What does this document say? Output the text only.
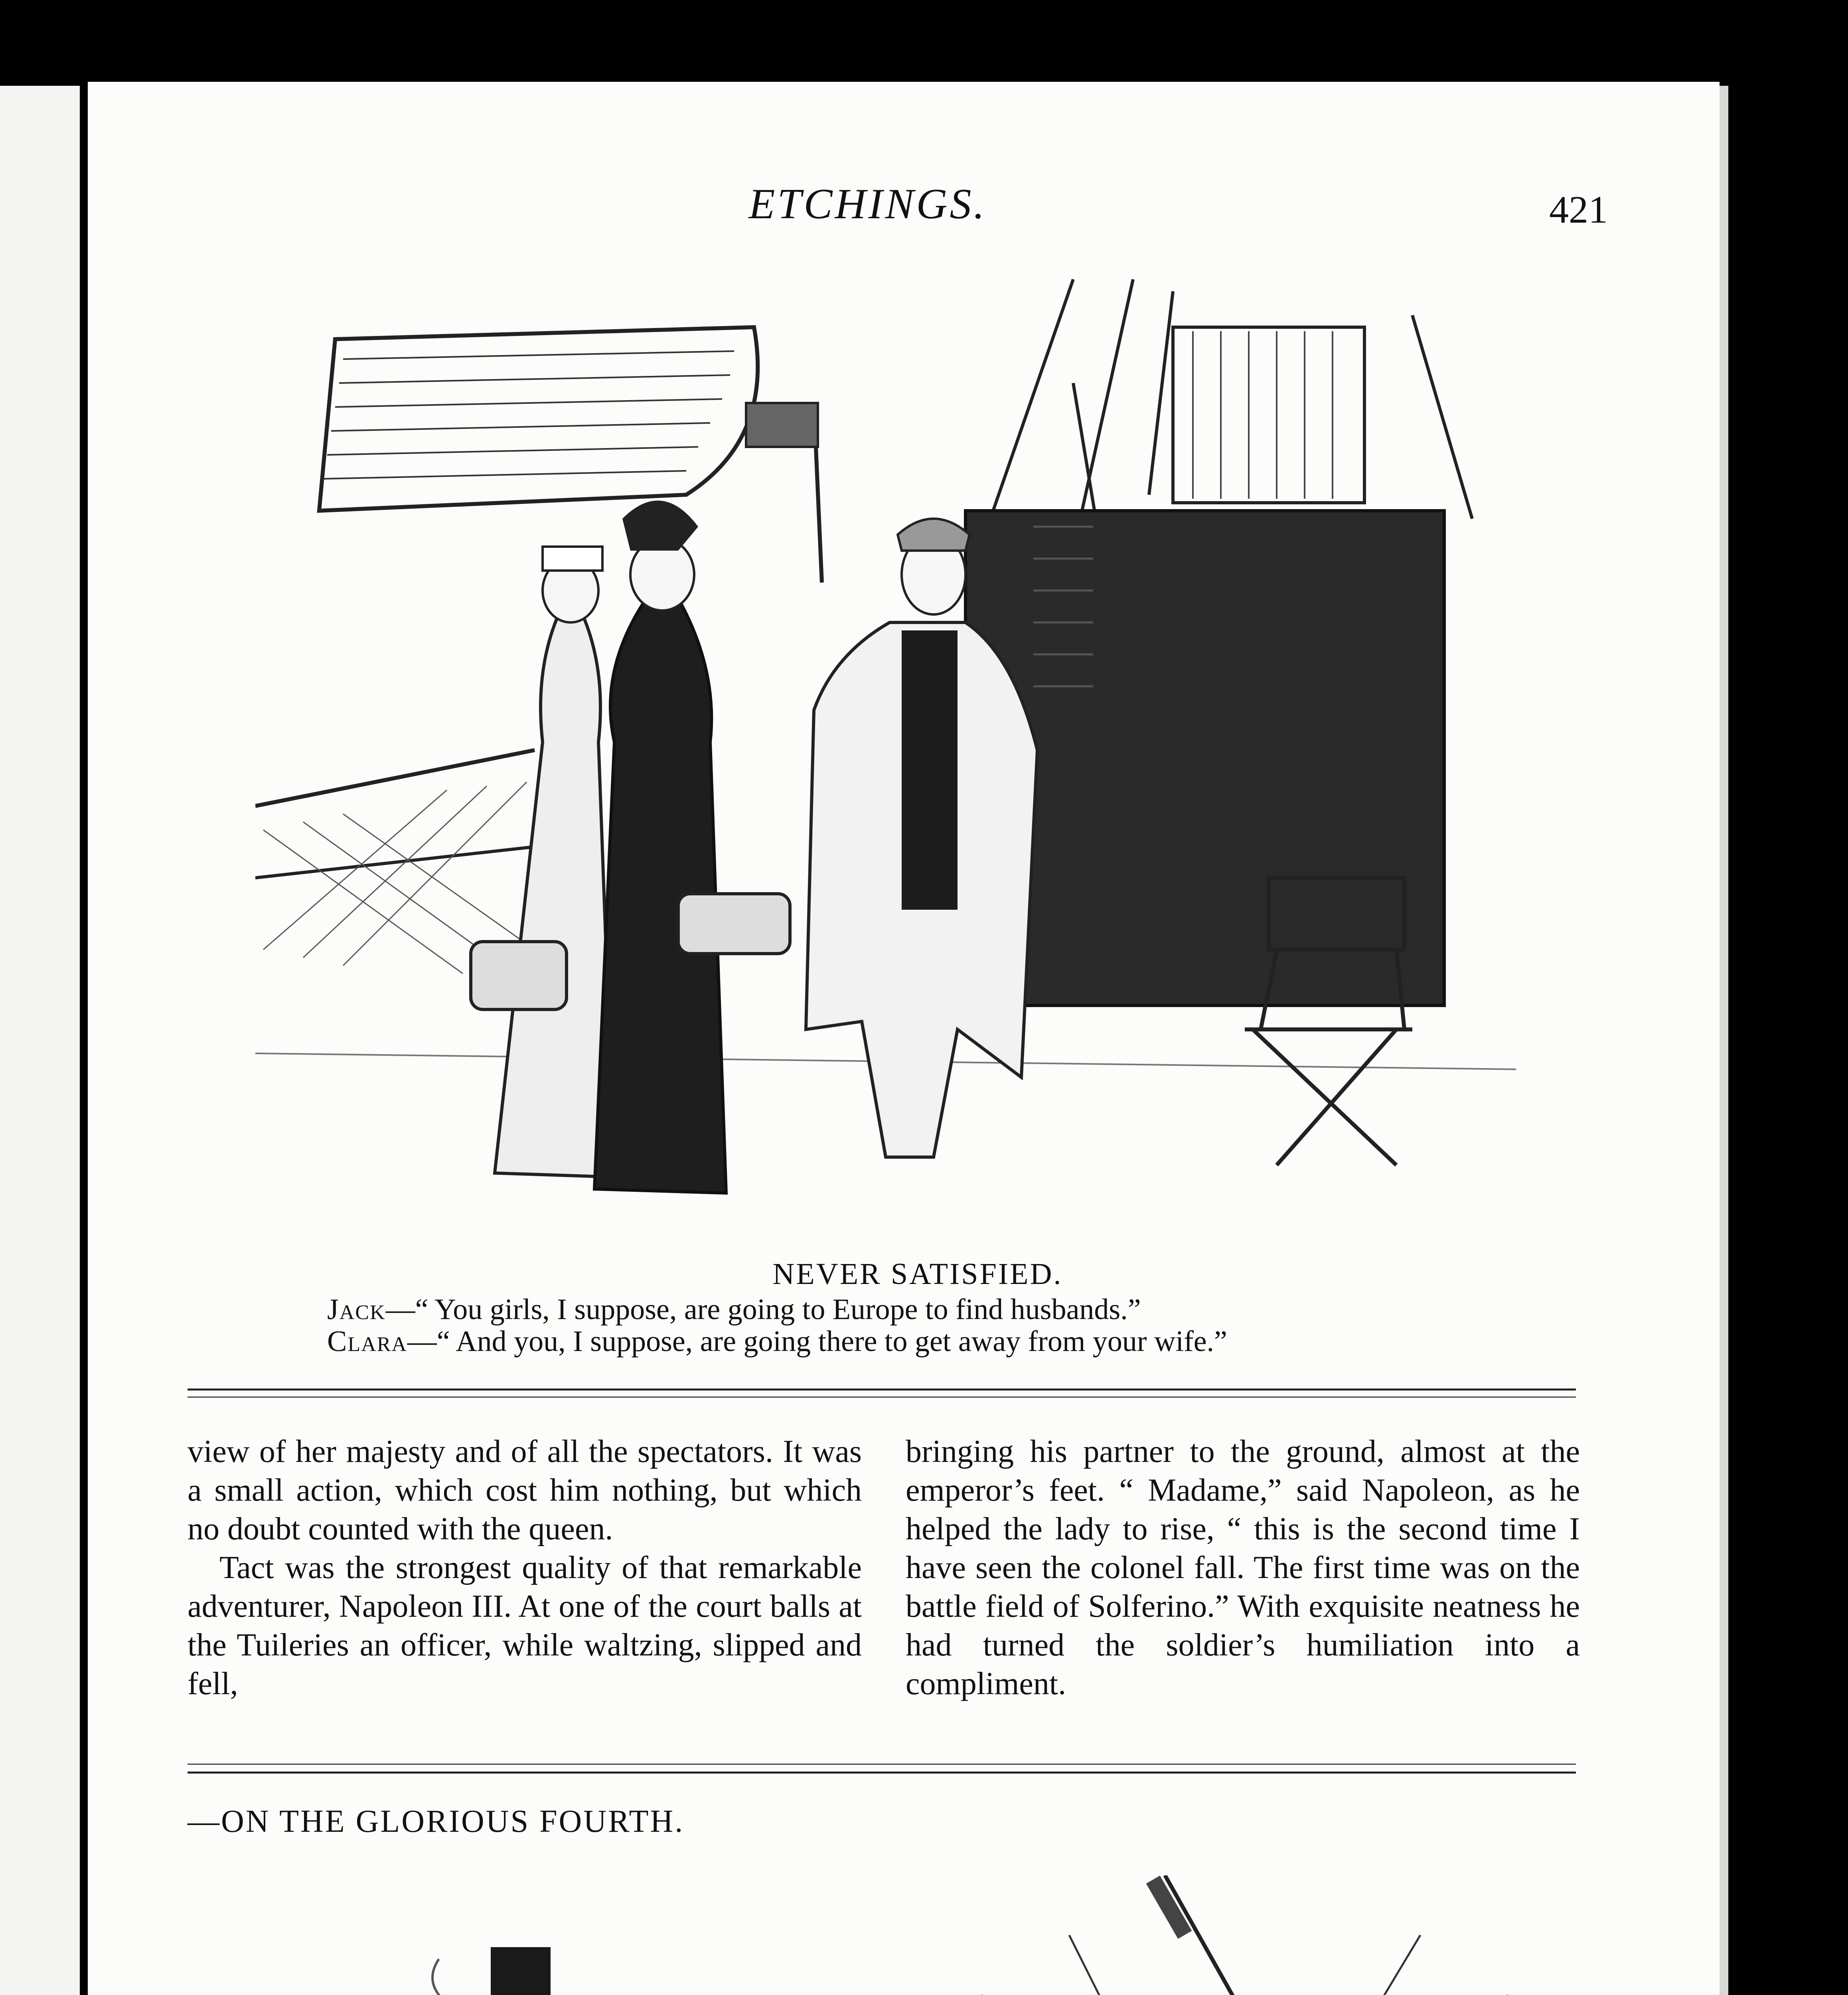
ETCHINGS.	421
NEVER SATISFIED.
Jack—“ You girls, I suppose, are going to Europe to find husbands.”
Clara—“ And you, I suppose, are going there to get away from your wife.”

view of her majesty and of all the spectators. It was a small action, which cost him nothing, but which no doubt counted with the queen.

Tact was the strongest quality of that remarkable adventurer, Napoleon III. At one of the court balls at the Tuileries an officer, while waltzing, slipped and fell,

bringing his partner to the ground, almost at the emperor’s feet. “ Madame,” said Napoleon, as he helped the lady to rise, “ this is the second time I have seen the colonel fall. The first time was on the battle field of Solferino.” With exquisite neatness he had turned the soldier’s humiliation into a compliment.

—ON THE GLORIOUS FOURTH.
